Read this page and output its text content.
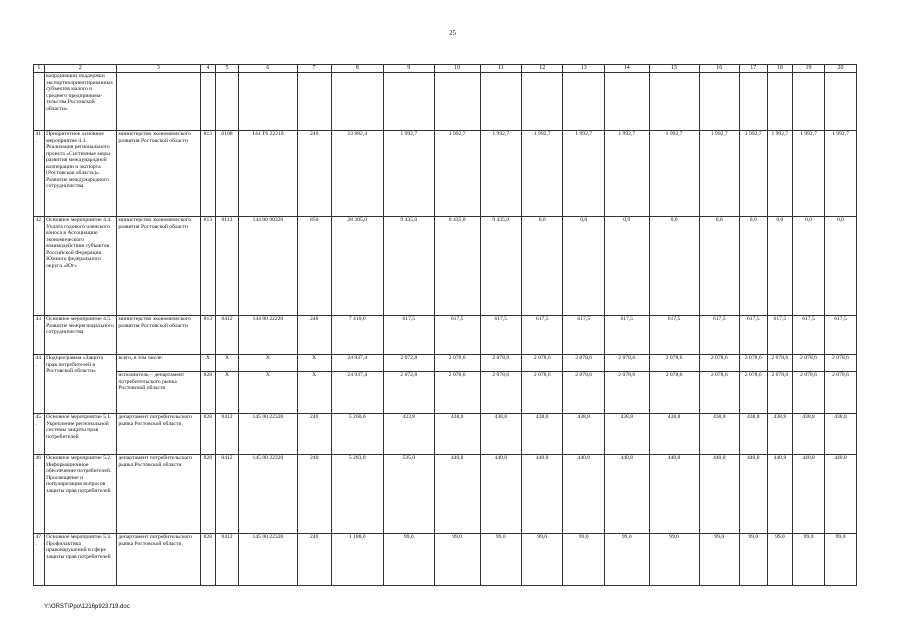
25
1	2	3	4	5	6	7	8	9	10	11	12	13	14	15	16	17	18	19	20
	координации поддержки экспортноориентированных субъектов малого и среднего предпринима-тельства Ростовской области»																		
41.	Приоритетное основное мероприятие 4.3. Реализация регионального проекта «Системные меры развития международной кооперации и экспорта (Ростовская область)». Развитие международного сотрудничества	министерство экономического развития Ростовской области	813	0108	144 Т6 22210	240	23 882,4	1 992,7	1 992,7	1 992,7	1 992,7	1 992,7	1 992,7	1 992,7	1 992,7	1 992,7	1 992,7	1 992,7	1 992,7
42.	Основное мероприятие 4.4. Уплата годового членского взноса в Ассоциацию экономического взаимодействия субъектов Российской Федерации Южного федерального округа «Юг»	министерство экономического развития Ростовской области	813	0113	144 00 90320	850	28 305,0	9 435,0	9 435,0	9 435,0	0,0	0,0	0,0	0,0	0,0	0,0	0,0	0,0	0,0
43.	Основное мероприятие 4.5. Развитие межрегионального сотрудничества	министерство экономического развития Ростовской области	813	0412	144 00 22220	240	7 410,0	617,5	617,5	617,5	617,5	617,5	617,5	617,5	617,5	617,5	617,5	617,5	617,5
44.	Подпрограмма «Защита прав потребителей в Ростовской области»	всего, в том числе:	Х	Х	Х	Х	24 937,4	2 072,8	2 078,6	2 078,6	2 078,6	2 078,6	2 078,6	2 078,6	2 078,6	2 078,6	2 078,6	2 078,6	2 078,6
		исполнитель – департамент потребительского рынка Ростовской области	828	Х	Х	Х	24 937,4	2 072,8	2 078,6	2 078,6	2 078,6	2 078,6	2 078,6	2 078,6	2 078,6	2 078,6	2 078,6	2 078,6	2 078,6
45.	Основное мероприятие 5.1. Укрепление региональной системы защиты прав потребителей	департамент потребительского рынка Ростовской области	828	0412	145 00 22320	240	5 260,6	433,8	438,8	438,8	438,8	438,8	438,8	438,8	438,8	438,8	438,8	438,8	438,8
46.	Основное мероприятие 5.2. Информационное обеспечение потребителей. Просвещение и популяризация вопросов защиты прав потребителей	департамент потребительского рынка Ростовской области	828	0412	145 00 22320	240	5 283,8	535,0	440,8	440,8	440,8	440,8	440,8	440,8	440,8	440,8	440,8	440,8	440,8
47.	Основное мероприятие 5.3. Профилактика правонарушений в сфере защиты прав потребителей	департамент потребительского рынка Ростовской области	828	0412	145 00 22320	240	1 188,0	99,0	99,0	99,0	99,0	99,0	99,0	99,0	99,0	99,0	99,0	99,0	99,0
Y:\ORST\Ppo\1216p923.f19.doc
